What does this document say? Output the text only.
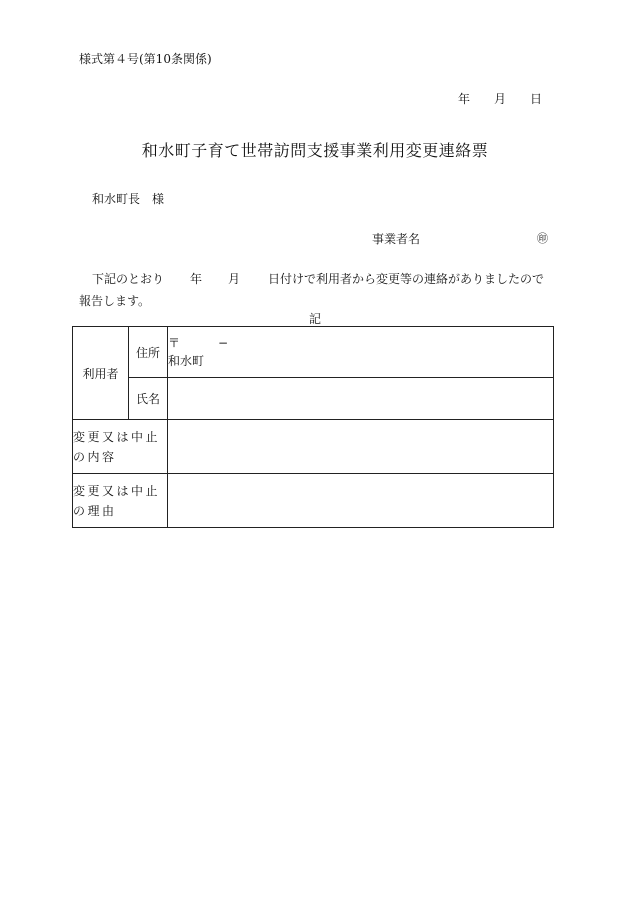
様式第４号(第10条関係)
年 月 日
和水町子育て世帯訪問支援事業利用変更連絡票
和水町長 様
事業者名	㊞
下記のとおり 年 月 日付けで利用者から変更等の連絡がありましたので報告します。
記
利用者	住所	〒 −
和水町
	氏名	
変更又は中止
の内容		
変更又は中止
の理由		
